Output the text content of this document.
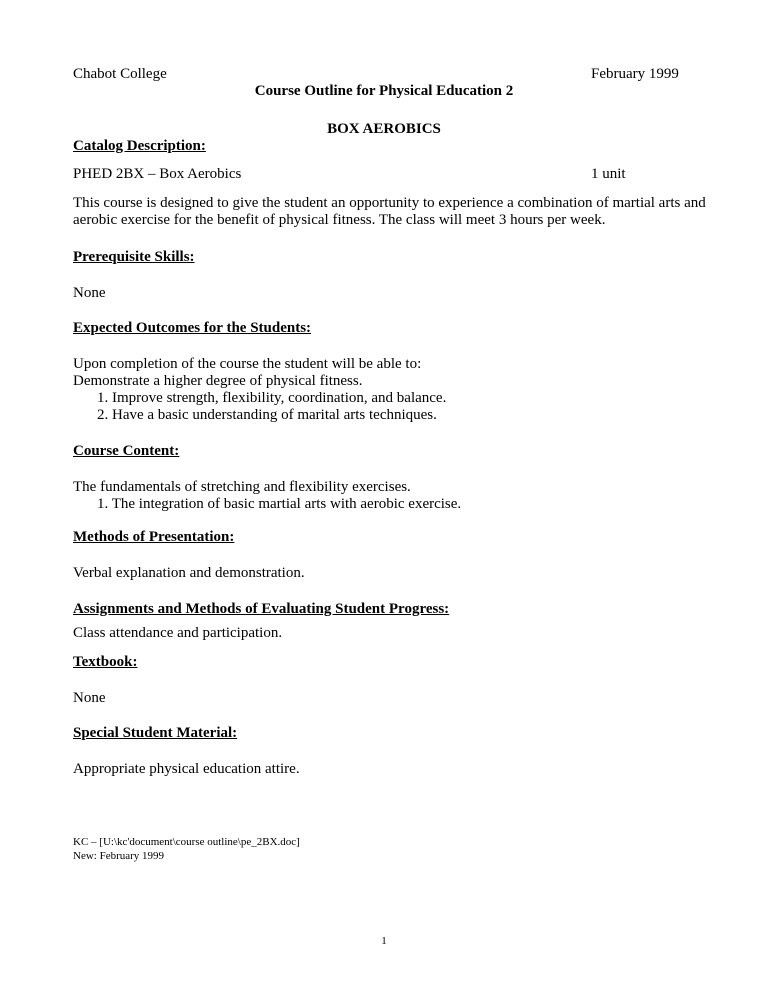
Chabot College	February 1999
Course Outline for Physical Education 2
BOX AEROBICS
Catalog Description:
PHED 2BX – Box Aerobics	1 unit
This course is designed to give the student an opportunity to experience a combination of martial arts and
aerobic exercise for the benefit of physical fitness. The class will meet 3 hours per week.
Prerequisite Skills:
None
Expected Outcomes for the Students:
Upon completion of the course the student will be able to:
Demonstrate a higher degree of physical fitness.
1. Improve strength, flexibility, coordination, and balance.
2. Have a basic understanding of marital arts techniques.
Course Content:
The fundamentals of stretching and flexibility exercises.
1. The integration of basic martial arts with aerobic exercise.
Methods of Presentation:
Verbal explanation and demonstration.
Assignments and Methods of Evaluating Student Progress:
Class attendance and participation.
Textbook:
None
Special Student Material:
Appropriate physical education attire.
KC – [U:\kc'document\course outline\pe_2BX.doc]
New: February 1999
1
